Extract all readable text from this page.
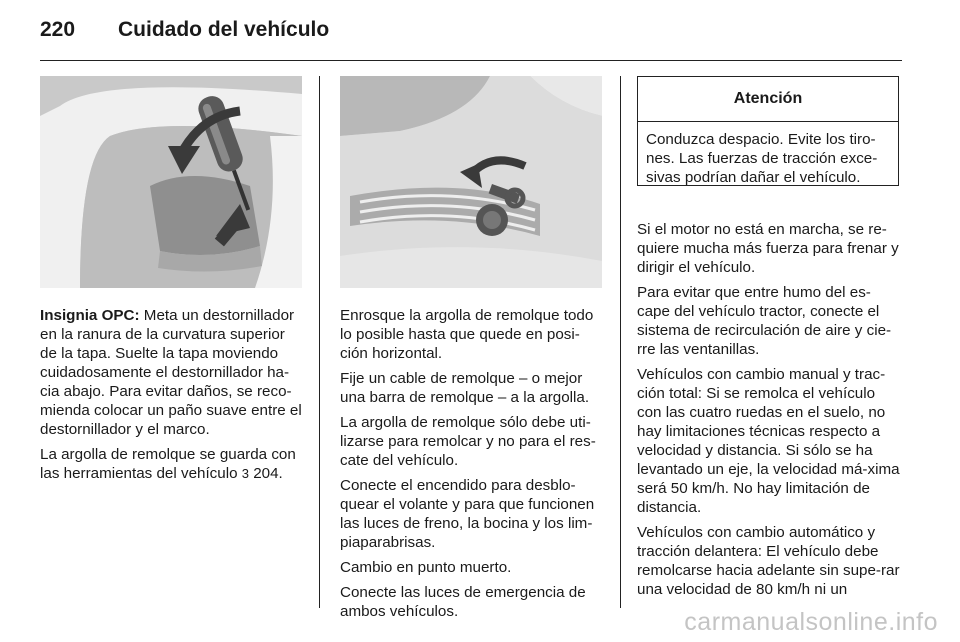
220 Cuidado del vehículo

Insignia OPC: Meta un destornillador en la ranura de la curvatura superior de la tapa. Suelte la tapa moviendo cuidadosamente el destornillador ha-cia abajo. Para evitar daños, se reco-mienda colocar un paño suave entre el destornillador y el marco.

La argolla de remolque se guarda con las herramientas del vehículo 3 204.

Enrosque la argolla de remolque todo lo posible hasta que quede en posi-ción horizontal.

Fije un cable de remolque – o mejor una barra de remolque – a la argolla.

La argolla de remolque sólo debe uti-lizarse para remolcar y no para el res-cate del vehículo.

Conecte el encendido para desblo-quear el volante y para que funcionen las luces de freno, la bocina y los lim-piaparabrisas.

Cambio en punto muerto.

Conecte las luces de emergencia de ambos vehículos.

Atención
Conduzca despacio. Evite los tiro-nes. Las fuerzas de tracción exce-sivas podrían dañar el vehículo.

Si el motor no está en marcha, se re-quiere mucha más fuerza para frenar y dirigir el vehículo.

Para evitar que entre humo del es-cape del vehículo tractor, conecte el sistema de recirculación de aire y cie-rre las ventanillas.

Vehículos con cambio manual y trac-ción total: Si se remolca el vehículo con las cuatro ruedas en el suelo, no hay limitaciones técnicas respecto a velocidad y distancia. Si sólo se ha levantado un eje, la velocidad má-xima será 50 km/h. No hay limitación de distancia.

Vehículos con cambio automático y tracción delantera: El vehículo debe remolcarse hacia adelante sin supe-rar una velocidad de 80 km/h ni un

carmanualsonline.info
